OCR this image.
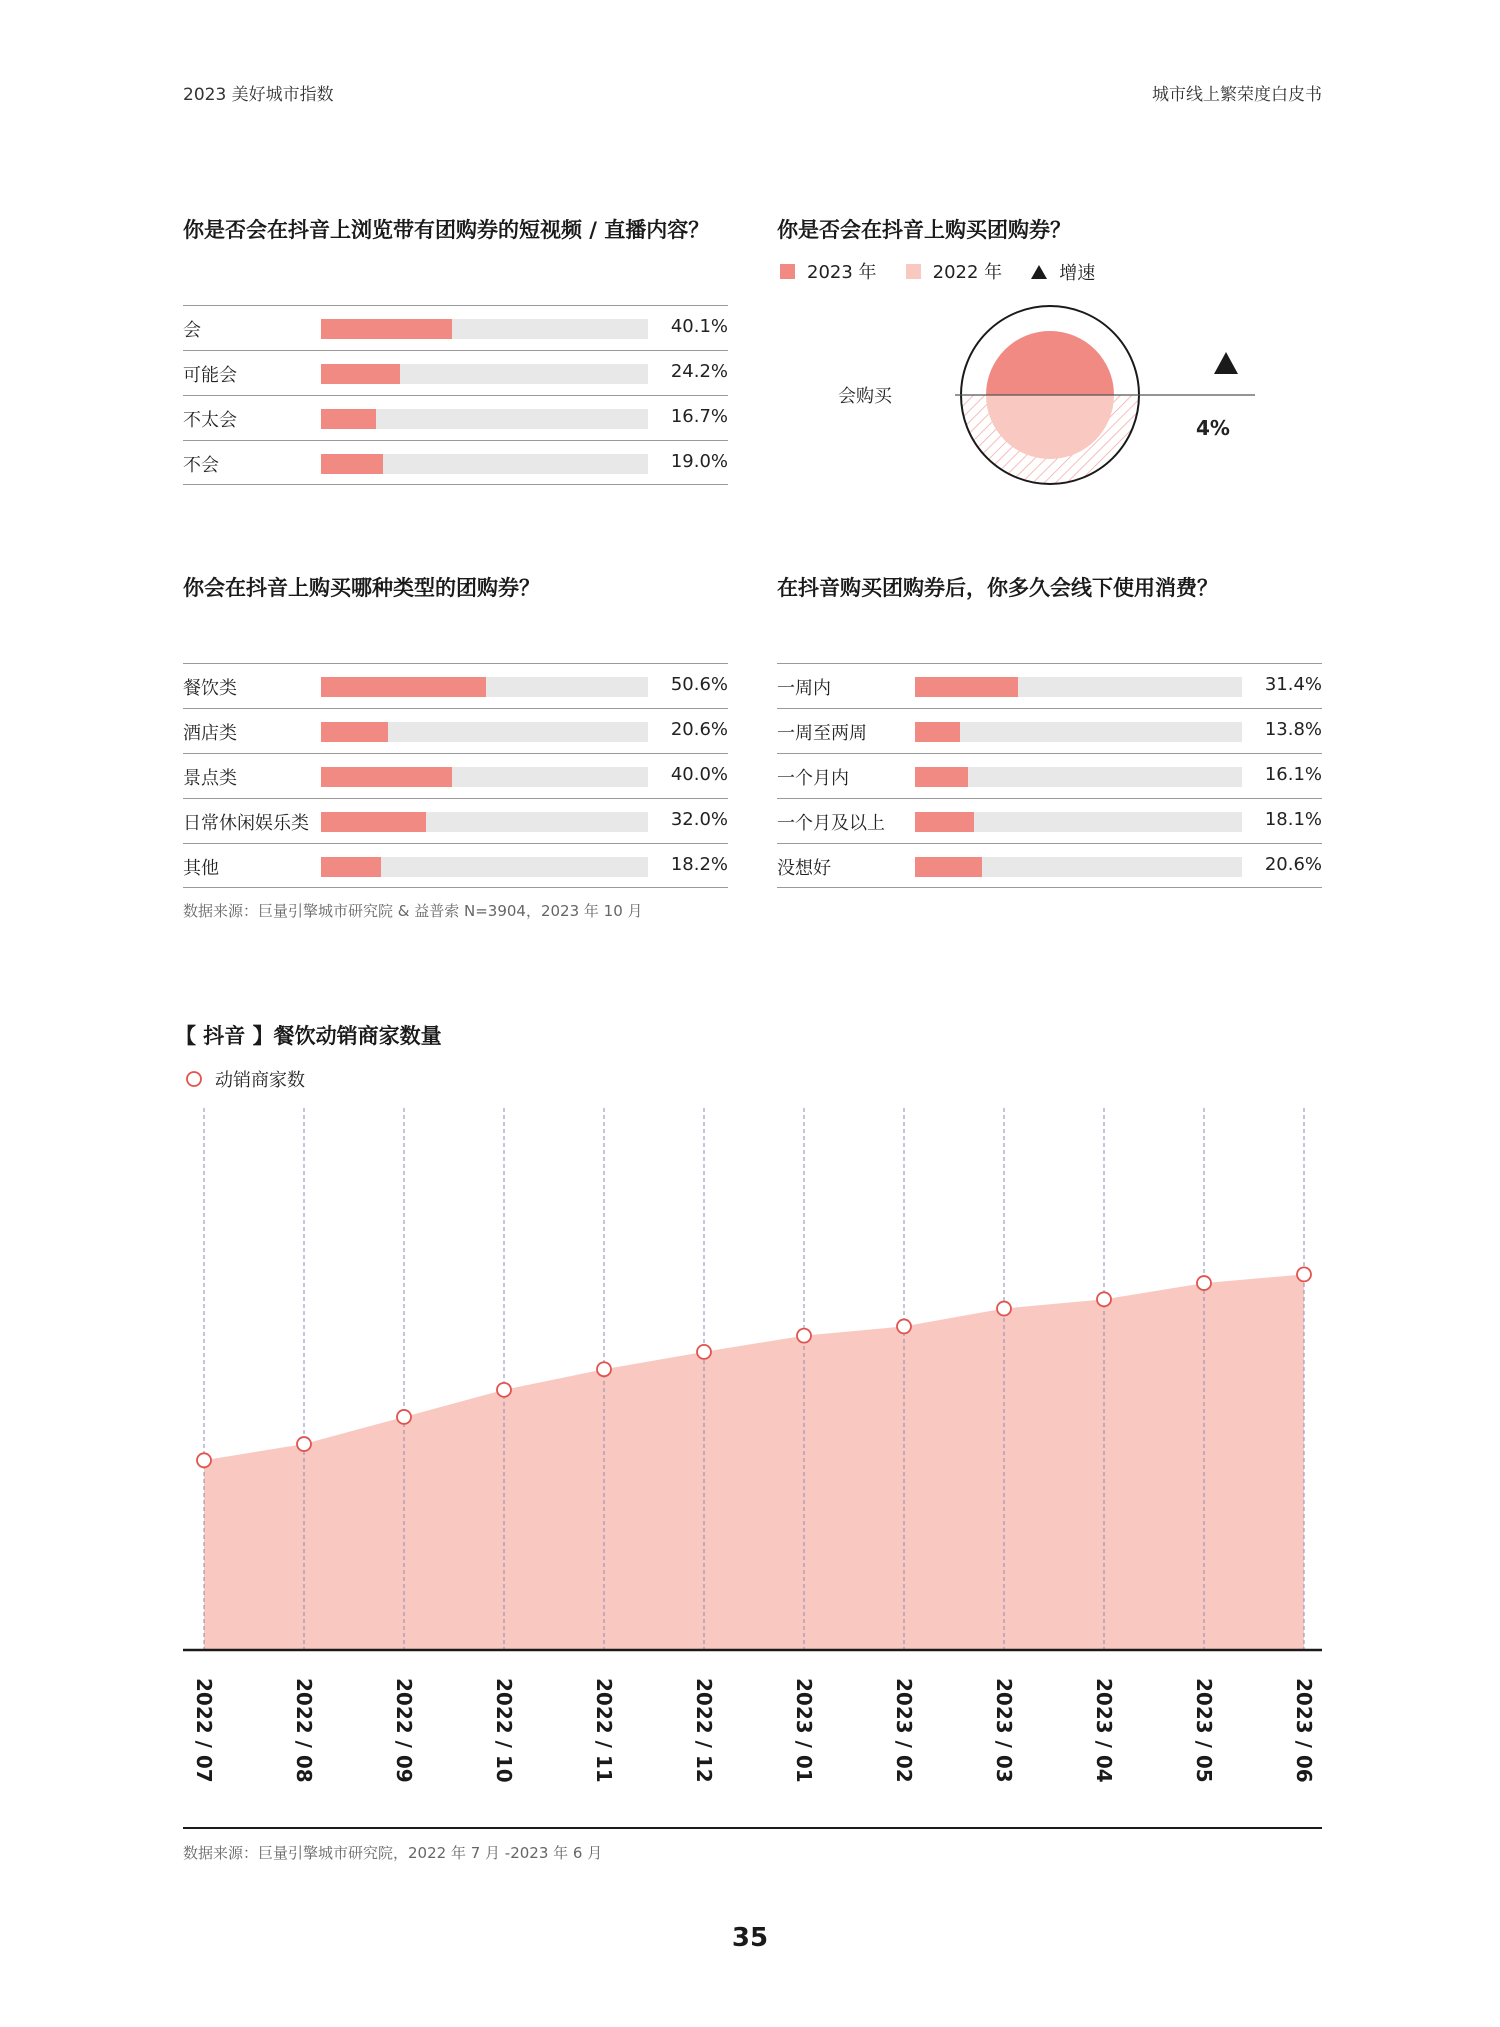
2023 美好城市指数	城市线上繁荣度白皮书
你是否会在抖音上浏览带有团购券的短视频 / 直播内容？
会	40.1%
可能会	24.2%
不太会	16.7%
不会	19.0%
你是否会在抖音上购买团购券？
2023 年
	2022 年
	增速
会购买
4%
你会在抖音上购买哪种类型的团购券？
餐饮类	50.6%
酒店类	20.6%
景点类	40.0%
日常休闲娱乐类	32.0%
其他	18.2%
在抖音购买团购券后，你多久会线下使用消费？
一周内	31.4%
一周至两周	13.8%
一个月内	16.1%
一个月及以上	18.1%
没想好	20.6%
数据来源：巨量引擎城市研究院 & 益普索 N=3904，2023 年 10 月
【 抖音 】餐饮动销商家数量
动销商家数
2022 / 07	2022 / 08	2022 / 09	2022 / 10	2022 / 11	2022 / 12	2023 / 01	2023 / 02	2023 / 03	2023 / 04	2023 / 05	2023 / 06
数据来源：巨量引擎城市研究院，2022 年 7 月 -2023 年 6 月
35
